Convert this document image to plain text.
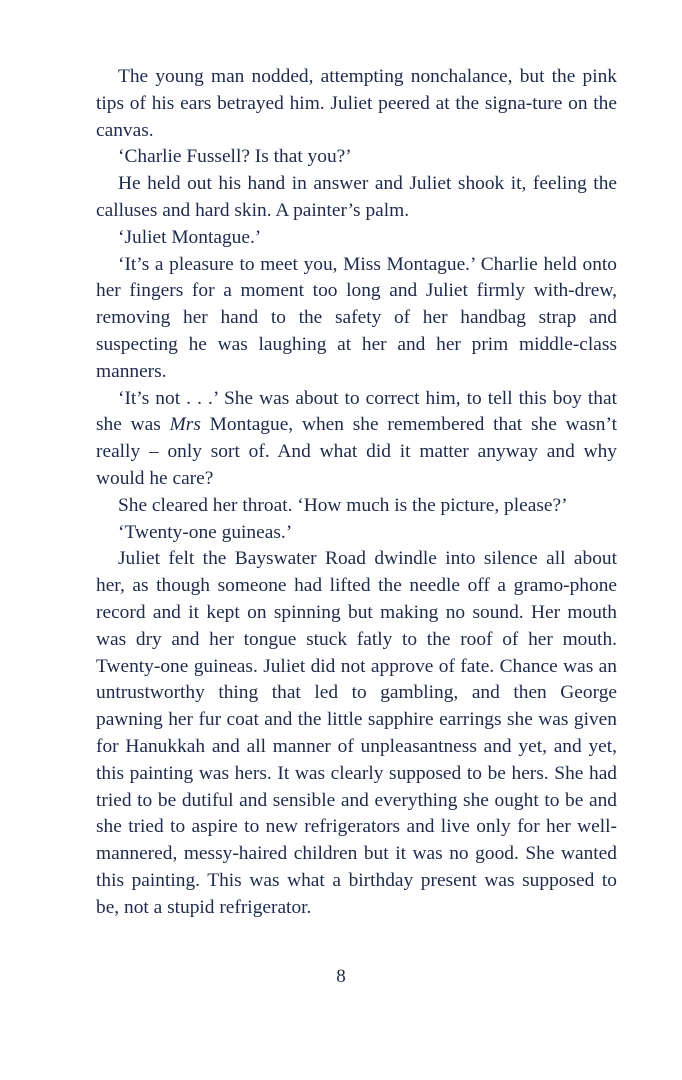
The young man nodded, attempting nonchalance, but the pink tips of his ears betrayed him. Juliet peered at the signa-ture on the canvas.

‘Charlie Fussell? Is that you?’

He held out his hand in answer and Juliet shook it, feeling the calluses and hard skin. A painter’s palm.

‘Juliet Montague.’

‘It’s a pleasure to meet you, Miss Montague.’ Charlie held onto her fingers for a moment too long and Juliet firmly with-drew, removing her hand to the safety of her handbag strap and suspecting he was laughing at her and her prim middle-class manners.

‘It’s not . . .’ She was about to correct him, to tell this boy that she was Mrs Montague, when she remembered that she wasn’t really – only sort of. And what did it matter anyway and why would he care?

She cleared her throat. ‘How much is the picture, please?’

‘Twenty-one guineas.’

Juliet felt the Bayswater Road dwindle into silence all about her, as though someone had lifted the needle off a gramo-phone record and it kept on spinning but making no sound. Her mouth was dry and her tongue stuck fatly to the roof of her mouth. Twenty-one guineas. Juliet did not approve of fate. Chance was an untrustworthy thing that led to gambling, and then George pawning her fur coat and the little sapphire earrings she was given for Hanukkah and all manner of unpleasantness and yet, and yet, this painting was hers. It was clearly supposed to be hers. She had tried to be dutiful and sensible and everything she ought to be and she tried to aspire to new refrigerators and live only for her well-mannered, messy-haired children but it was no good. She wanted this painting. This was what a birthday present was supposed to be, not a stupid refrigerator.

8
